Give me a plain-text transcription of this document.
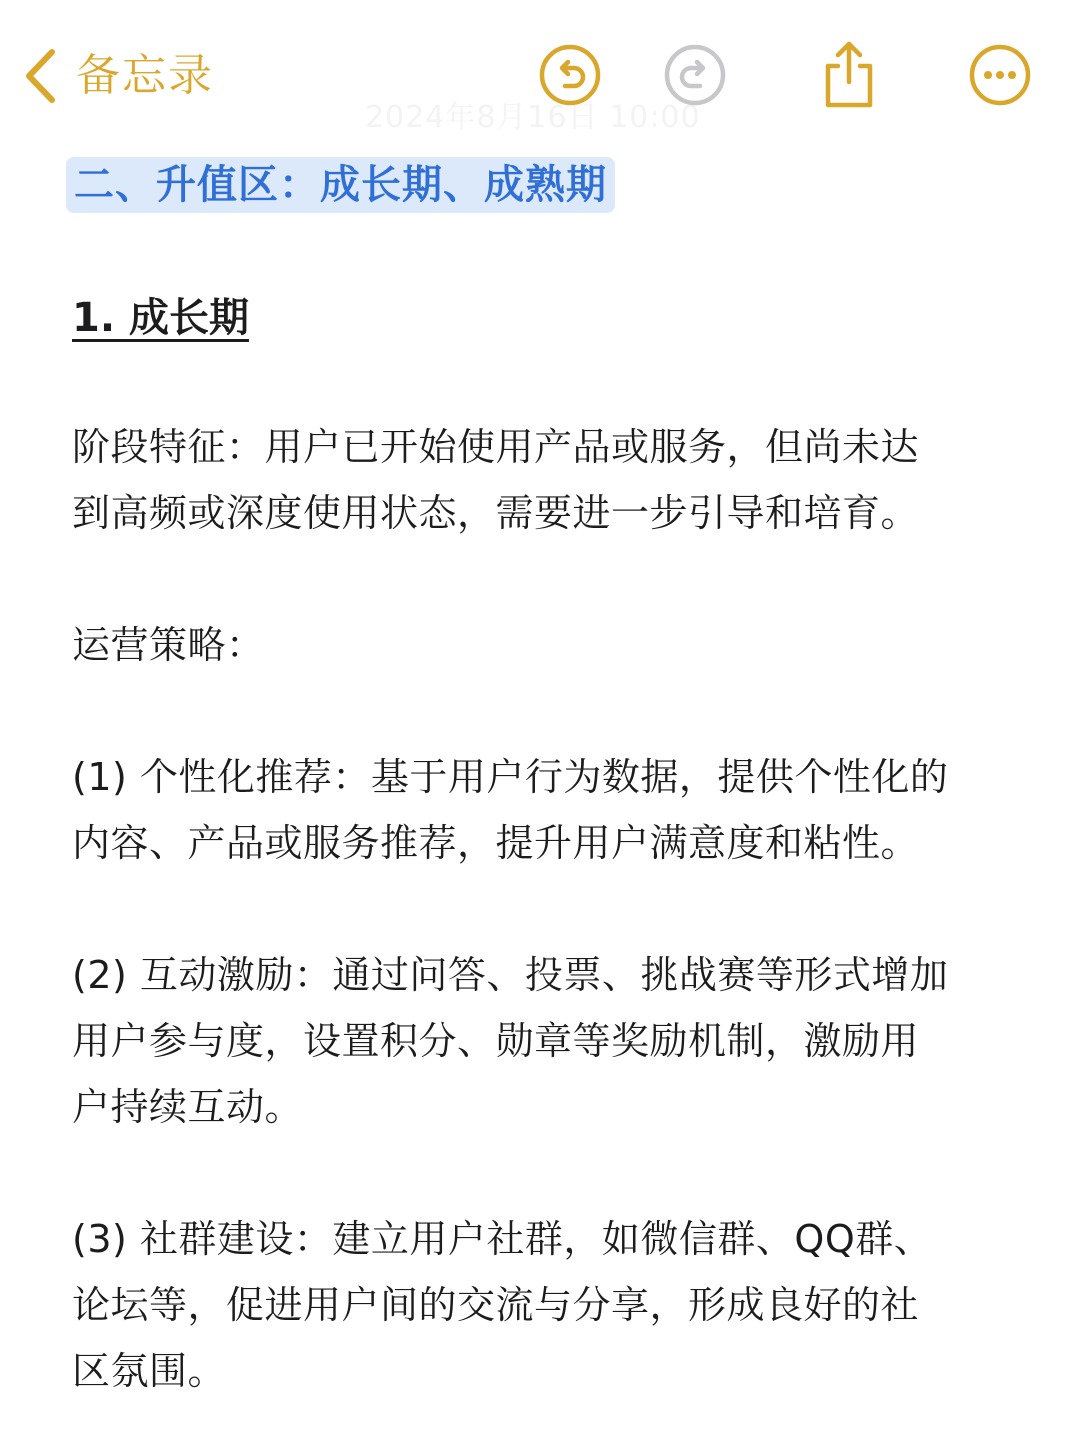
备忘录
2024年8月16日 10:00
二、升值区：成长期、成熟期
1. 成长期
阶段特征：用户已开始使用产品或服务，但尚未达
到高频或深度使用状态，需要进一步引导和培育。
运营策略：
(1) 个性化推荐：基于用户行为数据，提供个性化的
内容、产品或服务推荐，提升用户满意度和粘性。
(2) 互动激励：通过问答、投票、挑战赛等形式增加
用户参与度，设置积分、勋章等奖励机制，激励用
户持续互动。
(3) 社群建设：建立用户社群，如微信群、QQ群、
论坛等，促进用户间的交流与分享，形成良好的社
区氛围。
